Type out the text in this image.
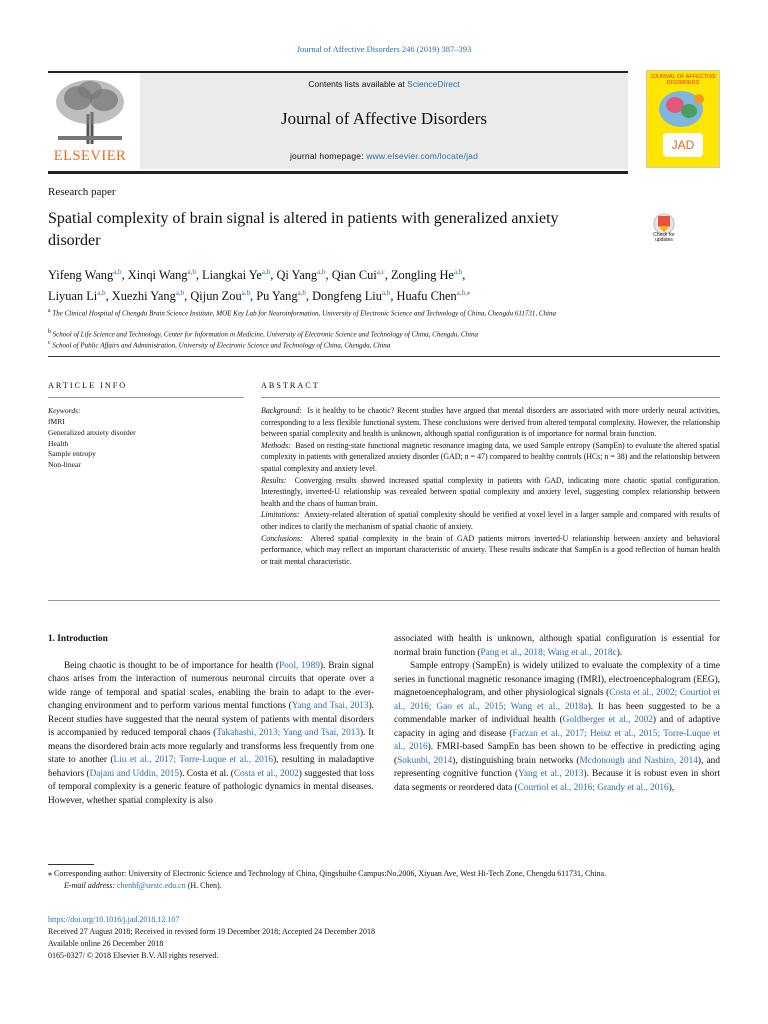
Journal of Affective Disorders 246 (2019) 387–393
ELSEVIER
Contents lists available at ScienceDirect
Journal of Affective Disorders
journal homepage: www.elsevier.com/locate/jad
JOURNAL OF AFFECTIVE DISORDERS
JAD
Research paper
Spatial complexity of brain signal is altered in patients with generalized anxiety disorder	Check for updates
Yifeng Wang$^{a,b}$, Xinqi Wang$^{a,b}$, Liangkai Ye$^{a,b}$, Qi Yang$^{a,b}$, Qian Cui$^{a,c}$, Zongling He$^{a,b}$,
Liyuan Li$^{a,b}$, Xuezhi Yang$^{a,b}$, Qijun Zou$^{a,b}$, Pu Yang$^{a,b}$, Dongfeng Liu$^{a,b}$, Huafu Chen$^{a,b,⁎}$
$^a$ The Clinical Hospital of Chengdu Brain Science Institute, MOE Key Lab for Neuroinformation, University of Electronic Science and Technology of China, Chengdu 611731, China
$^b$ School of Life Science and Technology, Center for Information in Medicine, University of Electronic Science and Technology of China, Chengdu, China
$^c$ School of Public Affairs and Administration, University of Electronic Science and Technology of China, Chengdu, China
ARTICLE INFO
Keywords:
fMRI
Generalized anxiety disorder
Health
Sample entropy
Non-linear
ABSTRACT
Background: Is it healthy to be chaotic? Recent studies have argued that mental disorders are associated with more orderly neural activities, corresponding to a less flexible functional system. These conclusions were derived from altered temporal complexity. However, the relationship between spatial complexity and health is unknown, although spatial configuration is of importance for normal brain function.
Methods: Based on resting-state functional magnetic resonance imaging data, we used Sample entropy (SampEn) to evaluate the altered spatial complexity in patients with generalized anxiety disorder (GAD; n = 47) compared to healthy controls (HCs; n = 38) and the relationship between spatial complexity and anxiety level.
Results: Converging results showed increased spatial complexity in patients with GAD, indicating more chaotic spatial configuration. Interestingly, inverted-U relationship was revealed between spatial complexity and anxiety level, suggesting complex relationship between health and the chaos of human brain.
Limitations: Anxiety-related alteration of spatial complexity should be verified at voxel level in a larger sample and compared with results of other indices to clarify the mechanism of spatial chaotic of anxiety.
Conclusions: Altered spatial complexity in the brain of GAD patients mirrors inverted-U relationship between anxiety and behavioral performance, which may reflect an important characteristic of anxiety. These results indicate that SampEn is a good reflection of human health or trait mental characteristic.
1. Introduction
Being chaotic is thought to be of importance for health (Pool, 1989). Brain signal chaos arises from the interaction of numerous neuronal circuits that operate over a wide range of temporal and spatial scales, enabling the brain to adapt to the ever-changing environment and to perform various mental functions (Yang and Tsai, 2013). Recent studies have suggested that the neural system of patients with mental disorders is accompanied by reduced temporal chaos (Takahashi, 2013; Yang and Tsai, 2013). It means the disordered brain acts more regularly and transforms less frequently from one state to another (Liu et al., 2017; Torre-Luque et al., 2016), resulting in maladaptive behaviors (Dajani and Uddin, 2015). Costa et al. (Costa et al., 2002) suggested that loss of temporal complexity is a generic feature of pathologic dynamics in mental diseases. However, whether spatial complexity is also
associated with health is unknown, although spatial configuration is essential for normal brain function (Pang et al., 2018; Wang et al., 2018c).
Sample entropy (SampEn) is widely utilized to evaluate the complexity of a time series in functional magnetic resonance imaging (fMRI), electroencephalogram (EEG), magnetoencephalogram, and other physiological signals (Costa et al., 2002; Courtiol et al., 2016; Gao et al., 2015; Wang et al., 2018a). It has been suggested to be a commendable marker of individual health (Goldberger et al., 2002) and of adaptive capacity in aging and disease (Farzan et al., 2017; Heisz et al., 2015; Torre-Luque et al., 2016). FMRI-based SampEn has been shown to be effective in predicting aging (Sokunbi, 2014), distinguishing brain networks (Mcdonough and Nashiro, 2014), and representing cognitive function (Yang et al., 2013). Because it is robust even in short data segments or reordered data (Courtiol et al., 2016; Grandy et al., 2016),
⁎ Corresponding author: University of Electronic Science and Technology of China, Qingshuihe Campus:No.2006, Xiyuan Ave, West Hi-Tech Zone, Chengdu 611731, China.
E-mail address: chenhf@uestc.edu.cn (H. Chen).
https://doi.org/10.1016/j.jad.2018.12.107
Received 27 August 2018; Received in revised form 19 December 2018; Accepted 24 December 2018
Available online 26 December 2018
0165-0327/ © 2018 Elsevier B.V. All rights reserved.
